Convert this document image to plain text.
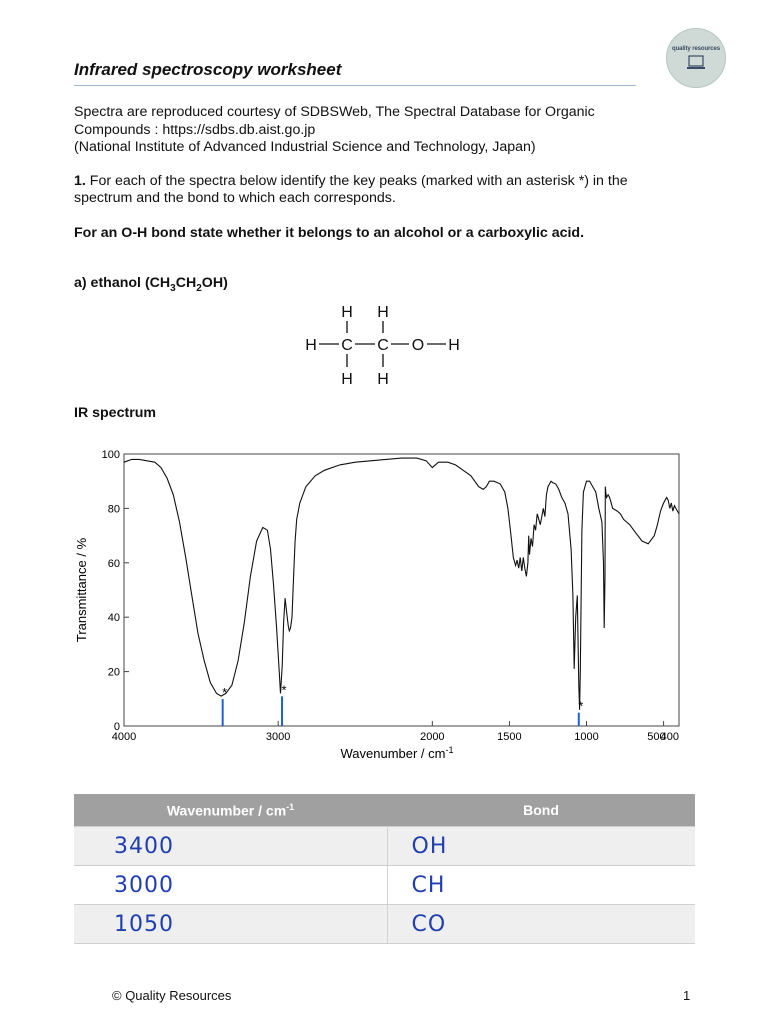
Infrared spectroscopy worksheet
quality resources
Spectra are reproduced courtesy of SDBSWeb, The Spectral Database for Organic
Compounds : https://sdbs.db.aist.go.jp
(National Institute of Advanced Industrial Science and Technology, Japan)
1. For each of the spectra below identify the key peaks (marked with an asterisk *) in the
spectrum and the bond to which each corresponds.
For an O-H bond state whether it belongs to an alcohol or a carboxylic acid.
a) ethanol $(CH_3CH_2OH)$
H H
H C C O H
H H
IR spectrum
0
20
40
60
80
100
4000	3000	2000	1500	1000	500
400
*	*
*
Transmittance / %
Wavenumber / $cm^{-1}$
Wavenumber / $cm^{-1}$	Bond
3400	OH
3000	CH
1050	CO
© Quality Resources	1
